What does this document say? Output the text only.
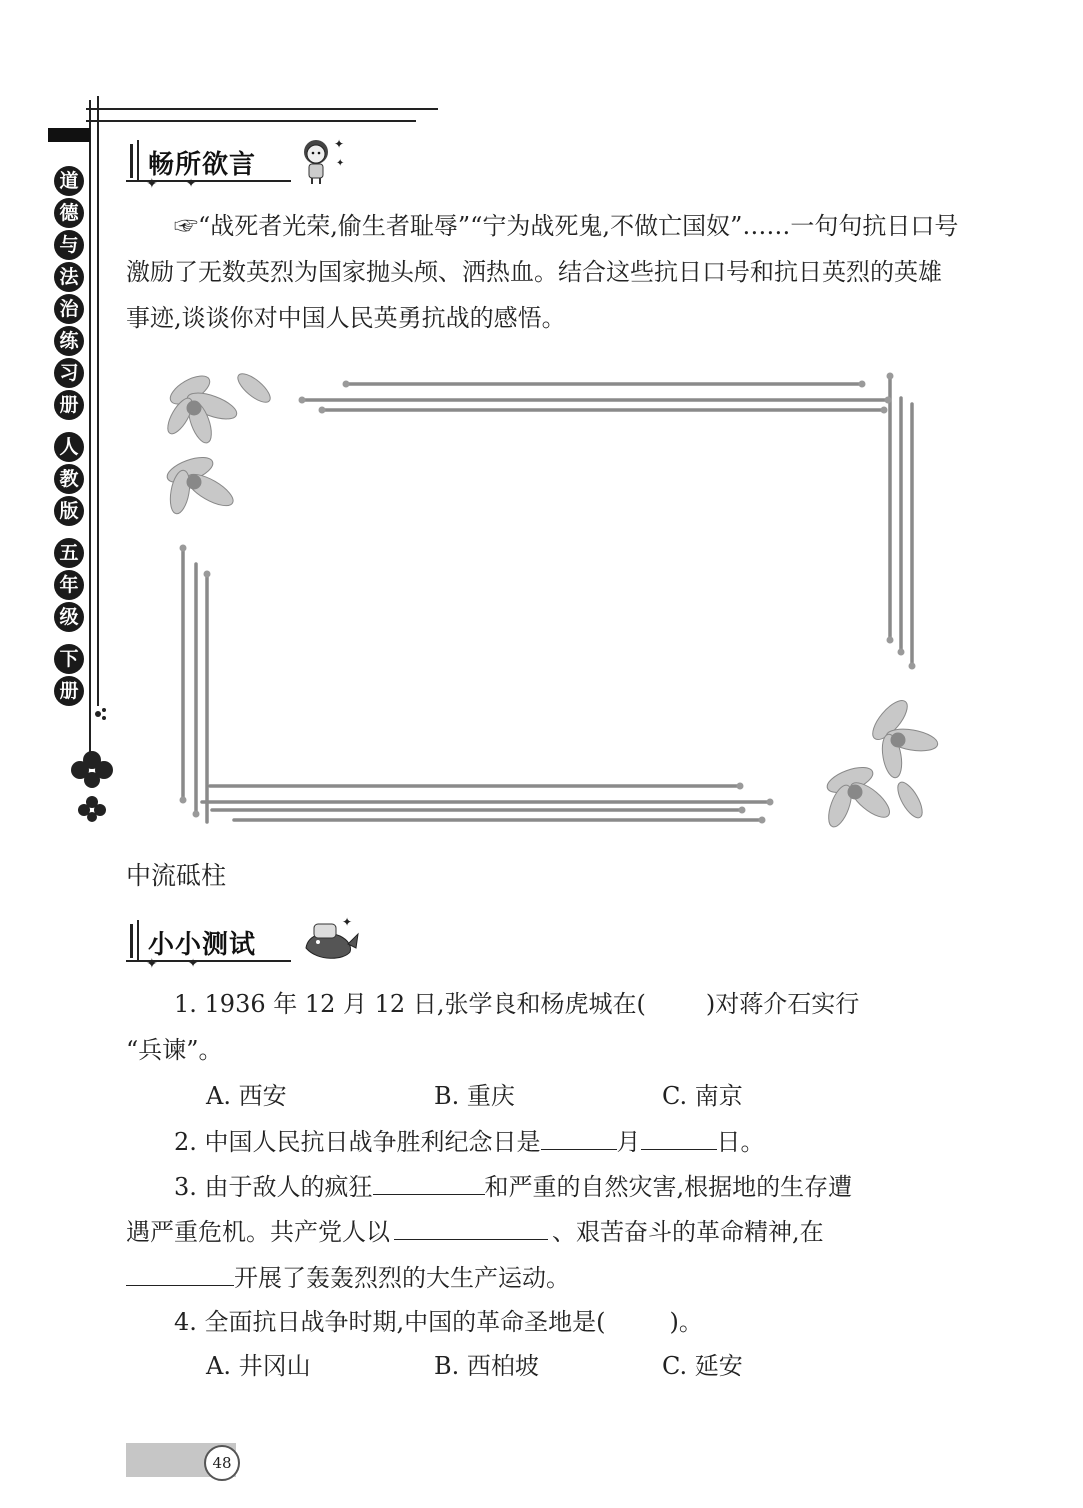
道
德
与
法
治
练
习
册
人
教
版
五
年
级
下
册
畅所欲言
✦ ✦
✦
✦

☞“战死者光荣,偷生者耻辱”“宁为战死鬼,不做亡国奴”……一句句抗日口号激励了无数英烈为国家抛头颅、洒热血。结合这些抗日口号和抗日英烈的英雄事迹,谈谈你对中国人民英勇抗战的感悟。

中流砥柱
小小测试
✦	✦
✦
1. 1936 年 12 月 12 日,张学良和杨虎城在(	)对蒋介石实行
“兵谏”。
A. 西安	B. 重庆	C. 南京
2. 中国人民抗日战争胜利纪念日是	月	日。
3. 由于敌人的疯狂	和严重的自然灾害,根据地的生存遭
遇严重危机。共产党人以	、艰苦奋斗的革命精神,在
开展了轰轰烈烈的大生产运动。
4. 全面抗日战争时期,中国的革命圣地是(	)。
A. 井冈山	B. 西柏坡	C. 延安
48
